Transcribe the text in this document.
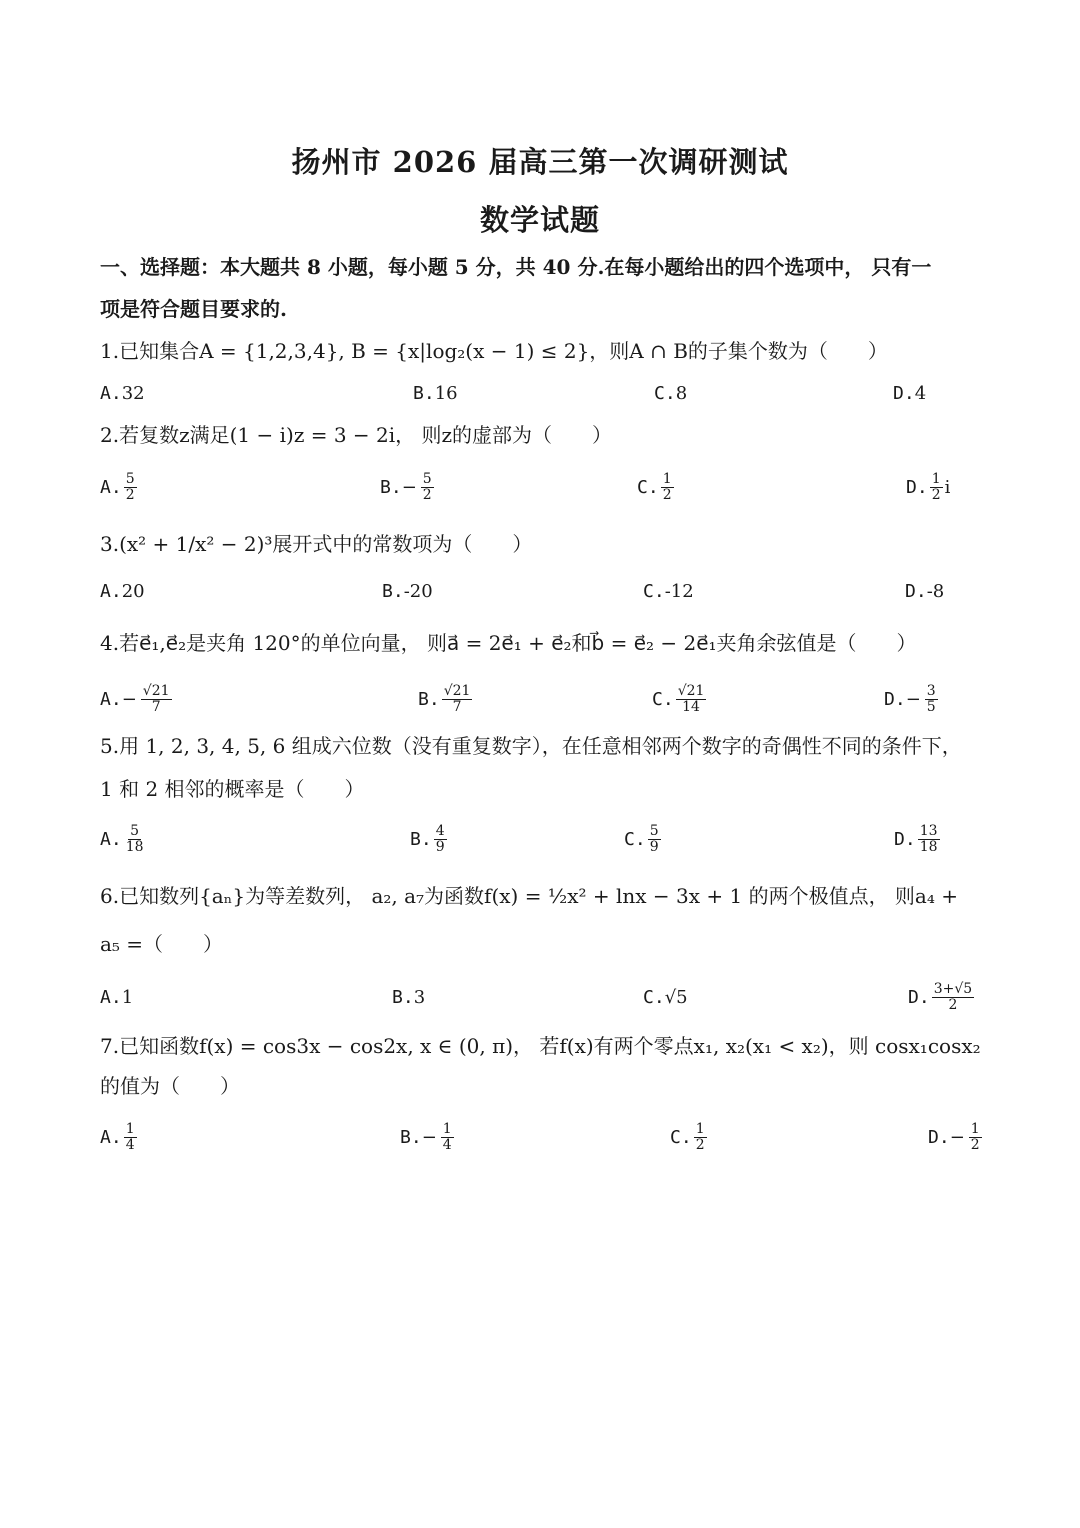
扬州市 2026 届高三第一次调研测试
数学试题
一、选择题：本大题共 8 小题，每小题 5 分，共 40 分.在每小题给出的四个选项中， 只有一
项是符合题目要求的.
1.已知集合A = {1,2,3,4}, B = {x|log₂(x − 1) ≤ 2}，则A ∩ B的子集个数为（　　）
A. 32	B. 16	C. 8	D. 4
2.若复数z满足(1 − i)z = 3 − 2i， 则z的虚部为（　　）
A. $\frac{5}{2}$	B. − $\frac{5}{2}$	C. $\frac{1}{2}$	D. $\frac{1}{2}$ i
3.(x² + 1/x² − 2)³展开式中的常数项为（　　）
A. 20	B. -20	C. -12	D. -8
4.若e⃗₁,e⃗₂是夹角 120°的单位向量， 则a⃗ = 2e⃗₁ + e⃗₂和b⃗ = e⃗₂ − 2e⃗₁夹角余弦值是（　　）
A. − $\frac{√21}{7}$	B. $\frac{√21}{7}$	C. $\frac{√21}{14}$	D. − $\frac{3}{5}$
5.用 1, 2, 3, 4, 5, 6 组成六位数（没有重复数字），在任意相邻两个数字的奇偶性不同的条件下，
1 和 2 相邻的概率是（　　）
A. $\frac{5}{18}$	B. $\frac{4}{9}$	C. $\frac{5}{9}$	D. $\frac{13}{18}$
6.已知数列{aₙ}为等差数列， a₂, a₇为函数f(x) = ½x² + lnx − 3x + 1 的两个极值点， 则a₄ +
a₅ =（　　）
A. 1	B. 3	C. √5	D. $\frac{3+√5}{2}$
7.已知函数f(x) = cos3x − cos2x, x ∈ (0, π)， 若f(x)有两个零点x₁, x₂(x₁ < x₂)，则 cosx₁cosx₂
的值为（　　）
A. $\frac{1}{4}$	B. − $\frac{1}{4}$	C. $\frac{1}{2}$	D. − $\frac{1}{2}$
